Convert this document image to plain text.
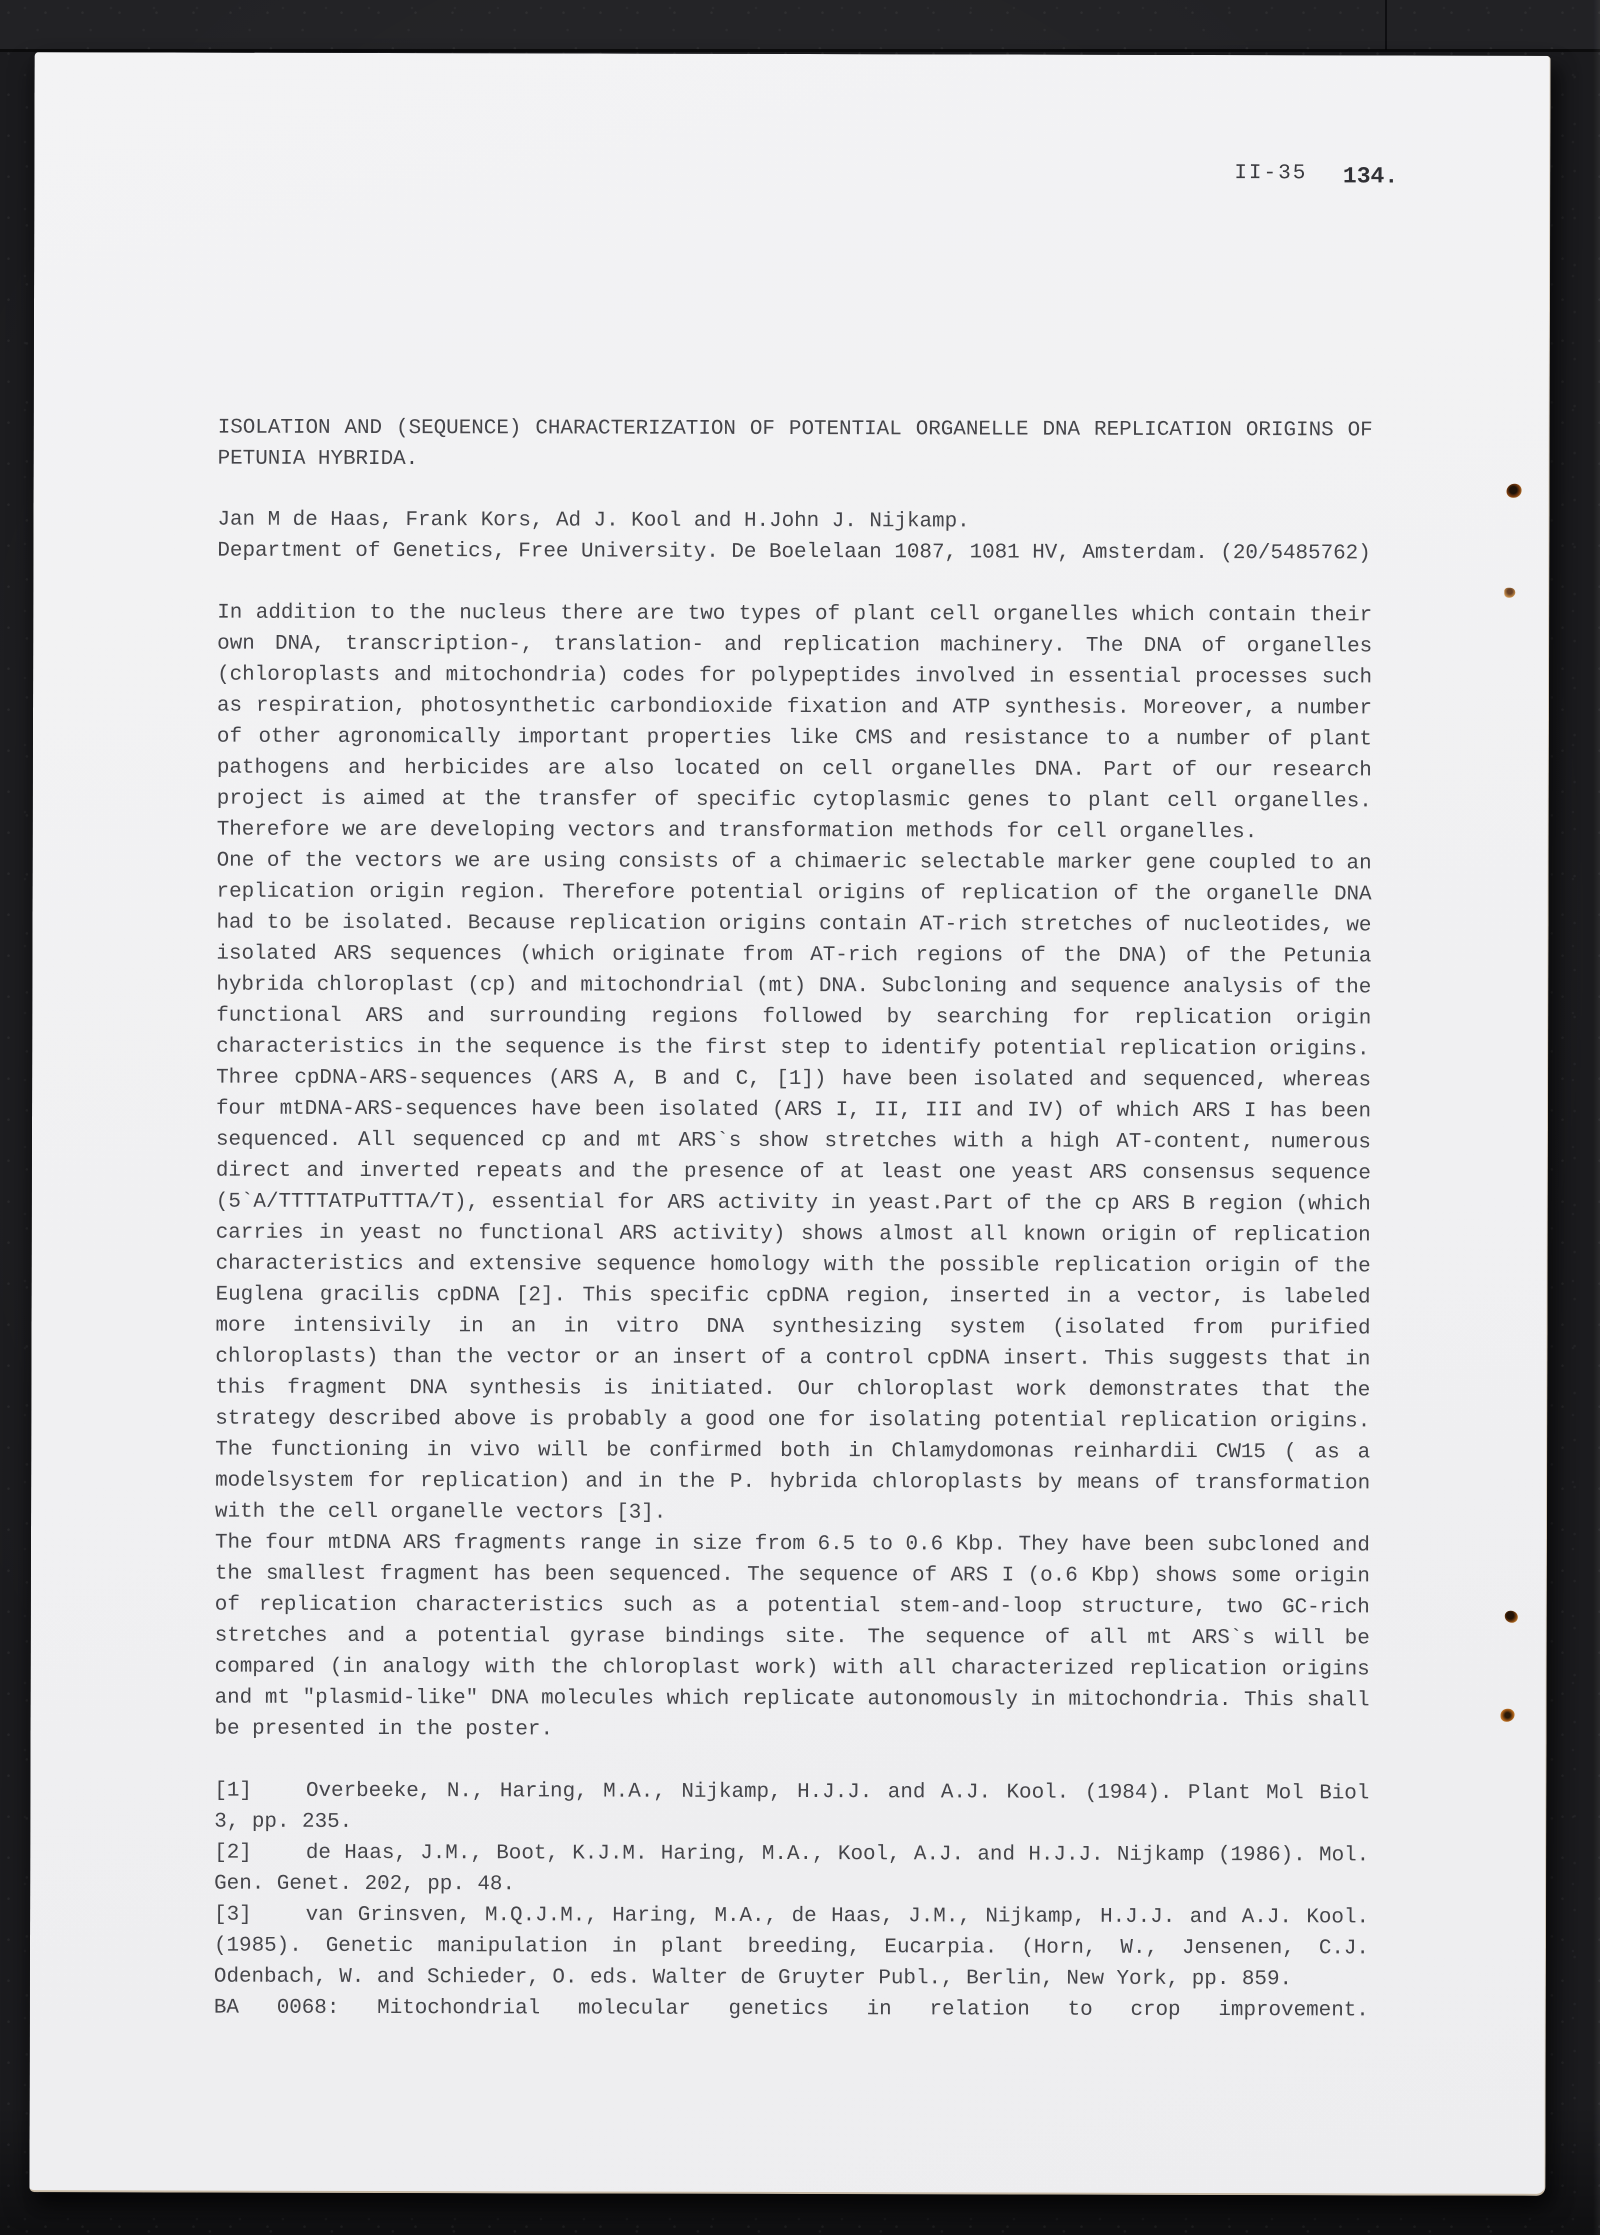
II-35 134.

ISOLATION AND (SEQUENCE) CHARACTERIZATION OF POTENTIAL ORGANELLE DNA REPLICATION ORIGINS OF PETUNIA HYBRIDA.

Jan M de Haas, Frank Kors, Ad J. Kool and H.John J. Nijkamp.

Department of Genetics, Free University. De Boelelaan 1087, 1081 HV, Amsterdam. (20/5485762)

In addition to the nucleus there are two types of plant cell organelles which contain their own DNA, transcription-, translation- and replication machinery. The DNA of organelles (chloroplasts and mitochondria) codes for polypeptides involved in essential processes such as respiration, photosynthetic carbondioxide fixation and ATP synthesis. Moreover, a number of other agronomically important properties like CMS and resistance to a number of plant pathogens and herbicides are also located on cell organelles DNA. Part of our research project is aimed at the transfer of specific cytoplasmic genes to plant cell organelles. Therefore we are developing vectors and transformation methods for cell organelles.

One of the vectors we are using consists of a chimaeric selectable marker gene coupled to an replication origin region. Therefore potential origins of replication of the organelle DNA had to be isolated. Because replication origins contain AT-rich stretches of nucleotides, we isolated ARS sequences (which originate from AT-rich regions of the DNA) of the Petunia hybrida chloroplast (cp) and mitochondrial (mt) DNA. Subcloning and sequence analysis of the functional ARS and surrounding regions followed by searching for replication origin characteristics in the sequence is the first step to identify potential replication origins.

Three cpDNA-ARS-sequences (ARS A, B and C, [1]) have been isolated and sequenced, whereas four mtDNA-ARS-sequences have been isolated (ARS I, II, III and IV) of which ARS I has been sequenced. All sequenced cp and mt ARS`s show stretches with a high AT-content, numerous direct and inverted repeats and the presence of at least one yeast ARS consensus sequence (5`A/TTTTATPuTTTA/T), essential for ARS activity in yeast.Part of the cp ARS B region (which carries in yeast no functional ARS activity) shows almost all known origin of replication characteristics and extensive sequence homology with the possible replication origin of the Euglena gracilis cpDNA [2]. This specific cpDNA region, inserted in a vector, is labeled more intensivily in an in vitro DNA synthesizing system (isolated from purified chloroplasts) than the vector or an insert of a control cpDNA insert. This suggests that in this fragment DNA synthesis is initiated. Our chloroplast work demonstrates that the strategy described above is probably a good one for isolating potential replication origins. The functioning in vivo will be confirmed both in Chlamydomonas reinhardii CW15 ( as a modelsystem for replication) and in the P. hybrida chloroplasts by means of transformation with the cell organelle vectors [3].

The four mtDNA ARS fragments range in size from 6.5 to 0.6 Kbp. They have been subcloned and the smallest fragment has been sequenced. The sequence of ARS I (o.6 Kbp) shows some origin of replication characteristics such as a potential stem-and-loop structure, two GC-rich stretches and a potential gyrase bindings site. The sequence of all mt ARS`s will be compared (in analogy with the chloroplast work) with all characterized replication origins and mt "plasmid-like" DNA molecules which replicate autonomously in mitochondria. This shall be presented in the poster.

[1]	Overbeeke, N., Haring, M.A., Nijkamp, H.J.J. and A.J. Kool. (1984). Plant Mol Biol 3, pp. 235.

[2]	de Haas, J.M., Boot, K.J.M. Haring, M.A., Kool, A.J. and H.J.J. Nijkamp (1986). Mol. Gen. Genet. 202, pp. 48.

[3]	van Grinsven, M.Q.J.M., Haring, M.A., de Haas, J.M., Nijkamp, H.J.J. and A.J. Kool. (1985). Genetic manipulation in plant breeding, Eucarpia. (Horn, W., Jensenen, C.J. Odenbach, W. and Schieder, O. eds. Walter de Gruyter Publ., Berlin, New York, pp. 859.

BA 0068: Mitochondrial molecular genetics in relation to crop improvement.
